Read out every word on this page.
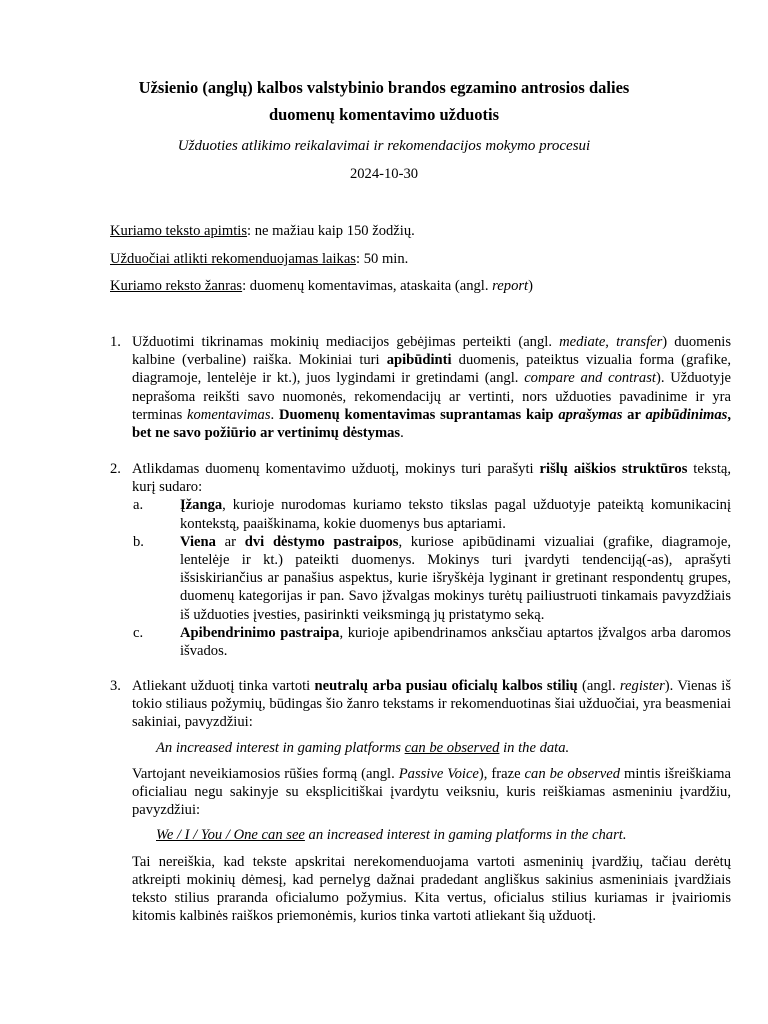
Užsienio (anglų) kalbos valstybinio brandos egzamino antrosios dalies
duomenų komentavimo užduotis
Užduoties atlikimo reikalavimai ir rekomendacijos mokymo procesui
2024-10-30
Kuriamo teksto apimtis: ne mažiau kaip 150 žodžių.
Užduočiai atlikti rekomenduojamas laikas: 50 min.
Kuriamo reksto žanras: duomenų komentavimas, ataskaita (angl. report)
1. Užduotimi tikrinamas mokinių mediacijos gebėjimas perteikti (angl. mediate, transfer) duomenis kalbine (verbaline) raiška. Mokiniai turi apibūdinti duomenis, pateiktus vizualia forma (grafike, diagramoje, lentelėje ir kt.), juos lygindami ir gretindami (angl. compare and contrast). Užduotyje neprašoma reikšti savo nuomonės, rekomendacijų ar vertinti, nors užduoties pavadinime ir yra terminas komentavimas. Duomenų komentavimas suprantamas kaip aprašymas ar apibūdinimas, bet ne savo požiūrio ar vertinimų dėstymas.

2. Atlikdamas duomenų komentavimo užduotį, mokinys turi parašyti rišlų aiškios struktūros tekstą, kurį sudaro:

a.	Įžanga, kurioje nurodomas kuriamo teksto tikslas pagal užduotyje pateiktą komunikacinį kontekstą, paaiškinama, kokie duomenys bus aptariami.
b. Viena ar dvi dėstymo pastraipos, kuriose apibūdinami vizualiai (grafike, diagramoje, lentelėje ir kt.) pateikti duomenys. Mokinys turi įvardyti tendenciją(-as), aprašyti išsiskiriančius ar panašius aspektus, kurie išryškėja lyginant ir gretinant respondentų grupes, duomenų kategorijas ir pan. Savo įžvalgas mokinys turėtų pailiustruoti tinkamais pavyzdžiais iš užduoties įvesties, pasirinkti veiksmingą jų pristatymo seką.
c.	Apibendrinimo pastraipa, kurioje apibendrinamos anksčiau aptartos įžvalgos arba daromos išvados.
3. Atliekant užduotį tinka vartoti neutralų arba pusiau oficialų kalbos stilių (angl. register). Vienas iš tokio stiliaus požymių, būdingas šio žanro tekstams ir rekomenduotinas šiai užduočiai, yra beasmeniai sakiniai, pavyzdžiui:

An increased interest in gaming platforms can be observed in the data.

Vartojant neveikiamosios rūšies formą (angl. Passive Voice), fraze can be observed mintis išreiškiama oficialiau negu sakinyje su eksplicitiškai įvardytu veiksniu, kuris reiškiamas asmeniniu įvardžiu, pavyzdžiui:

We / I / You / One can see an increased interest in gaming platforms in the chart.

Tai nereiškia, kad tekste apskritai nerekomenduojama vartoti asmeninių įvardžių, tačiau derėtų atkreipti mokinių dėmesį, kad pernelyg dažnai pradedant angliškus sakinius asmeniniais įvardžiais teksto stilius praranda oficialumo požymius. Kita vertus, oficialus stilius kuriamas ir įvairiomis kitomis kalbinės raiškos priemonėmis, kurios tinka vartoti atliekant šią užduotį.
